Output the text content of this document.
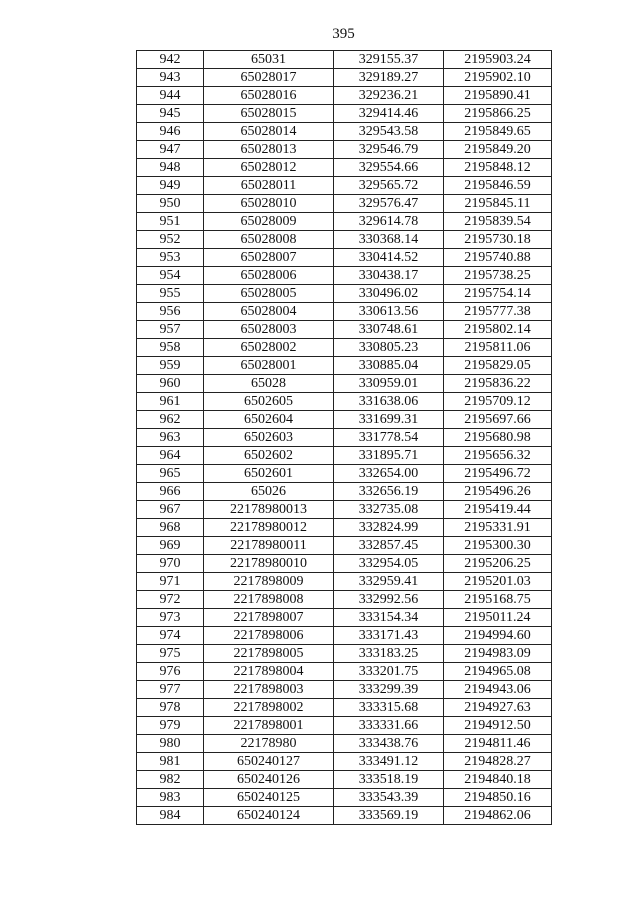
395
942	65031	329155.37	2195903.24
943	65028017	329189.27	2195902.10
944	65028016	329236.21	2195890.41
945	65028015	329414.46	2195866.25
946	65028014	329543.58	2195849.65
947	65028013	329546.79	2195849.20
948	65028012	329554.66	2195848.12
949	65028011	329565.72	2195846.59
950	65028010	329576.47	2195845.11
951	65028009	329614.78	2195839.54
952	65028008	330368.14	2195730.18
953	65028007	330414.52	2195740.88
954	65028006	330438.17	2195738.25
955	65028005	330496.02	2195754.14
956	65028004	330613.56	2195777.38
957	65028003	330748.61	2195802.14
958	65028002	330805.23	2195811.06
959	65028001	330885.04	2195829.05
960	65028	330959.01	2195836.22
961	6502605	331638.06	2195709.12
962	6502604	331699.31	2195697.66
963	6502603	331778.54	2195680.98
964	6502602	331895.71	2195656.32
965	6502601	332654.00	2195496.72
966	65026	332656.19	2195496.26
967	22178980013	332735.08	2195419.44
968	22178980012	332824.99	2195331.91
969	22178980011	332857.45	2195300.30
970	22178980010	332954.05	2195206.25
971	2217898009	332959.41	2195201.03
972	2217898008	332992.56	2195168.75
973	2217898007	333154.34	2195011.24
974	2217898006	333171.43	2194994.60
975	2217898005	333183.25	2194983.09
976	2217898004	333201.75	2194965.08
977	2217898003	333299.39	2194943.06
978	2217898002	333315.68	2194927.63
979	2217898001	333331.66	2194912.50
980	22178980	333438.76	2194811.46
981	650240127	333491.12	2194828.27
982	650240126	333518.19	2194840.18
983	650240125	333543.39	2194850.16
984	650240124	333569.19	2194862.06
